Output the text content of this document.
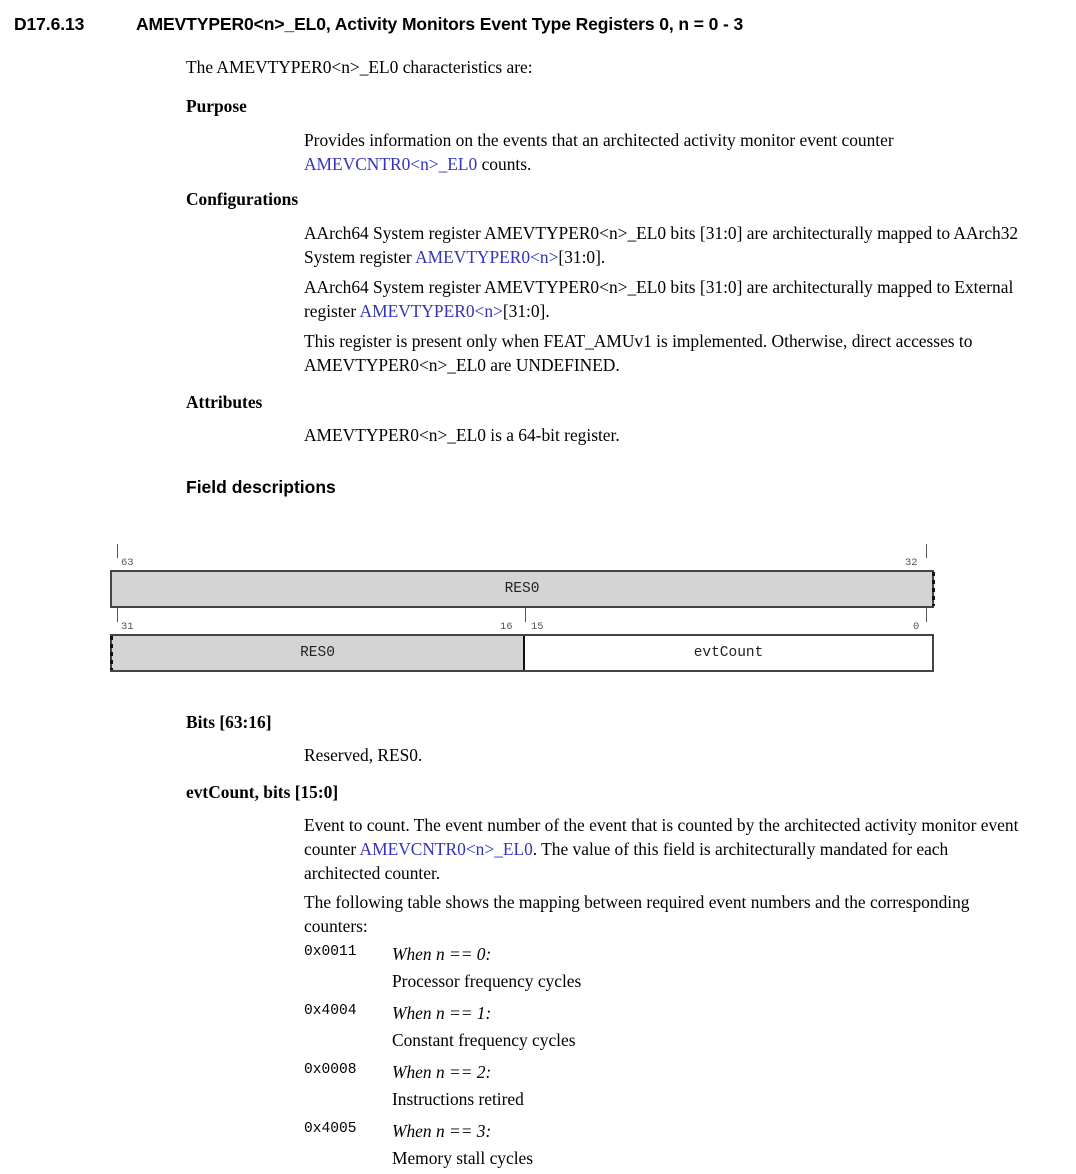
D17.6.13	AMEVTYPER0<n>_EL0, Activity Monitors Event Type Registers 0, n = 0 - 3
The AMEVTYPER0<n>_EL0 characteristics are:
Purpose
Provides information on the events that an architected activity monitor event counter AMEVCNTR0<n>_EL0 counts.
Configurations
AArch64 System register AMEVTYPER0<n>_EL0 bits [31:0] are architecturally mapped to AArch32 System register AMEVTYPER0<n>[31:0].
AArch64 System register AMEVTYPER0<n>_EL0 bits [31:0] are architecturally mapped to External register AMEVTYPER0<n>[31:0].
This register is present only when FEAT_AMUv1 is implemented. Otherwise, direct accesses to AMEVTYPER0<n>_EL0 are UNDEFINED.
Attributes
AMEVTYPER0<n>_EL0 is a 64-bit register.
Field descriptions
63	32
RES0
31	16 15	0
RES0	evtCount
Bits [63:16]
Reserved, RES0.
evtCount, bits [15:0]
Event to count. The event number of the event that is counted by the architected activity monitor event counter AMEVCNTR0<n>_EL0. The value of this field is architecturally mandated for each architected counter.
The following table shows the mapping between required event numbers and the corresponding counters:
0x0011 When n == 0:
Processor frequency cycles
0x4004 When n == 1:
Constant frequency cycles
0x0008 When n == 2:
Instructions retired
0x4005 When n == 3:
Memory stall cycles
